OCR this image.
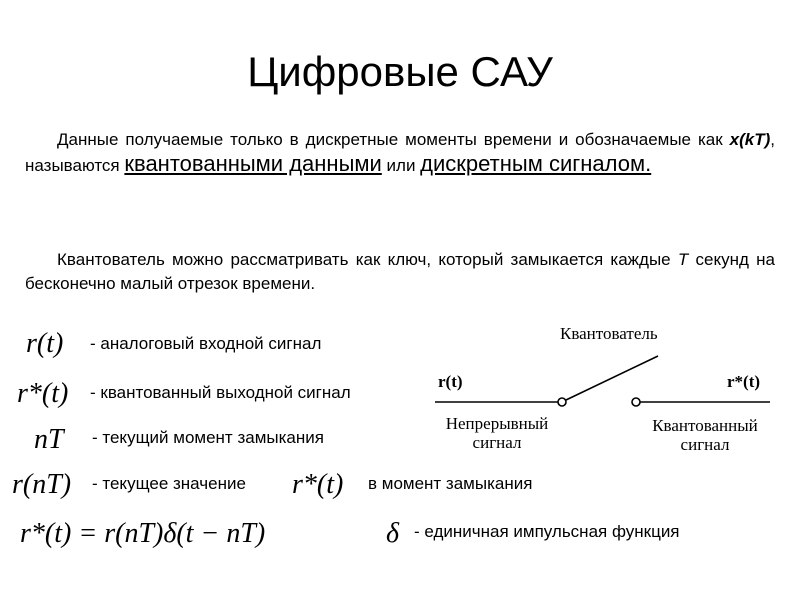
Цифровые САУ
Данные получаемые только в дискретные моменты времени и обозначаемые как x(kT), называются квантованными данными или дискретным сигналом.
Квантователь можно рассматривать как ключ, который замыкается каждые T секунд на бесконечно малый отрезок времени.
r(t) - аналоговый входной сигнал
r*(t) - квантованный выходной сигнал
nT - текущий момент замыкания
r(nT) - текущее значение r*(t) в момент замыкания
r*(t) = r(nT)δ(t − nT)	δ - единичная импульсная функция
Квантователь
r(t)	r*(t)
Непрерывный
сигнал
Квантованный
сигнал
